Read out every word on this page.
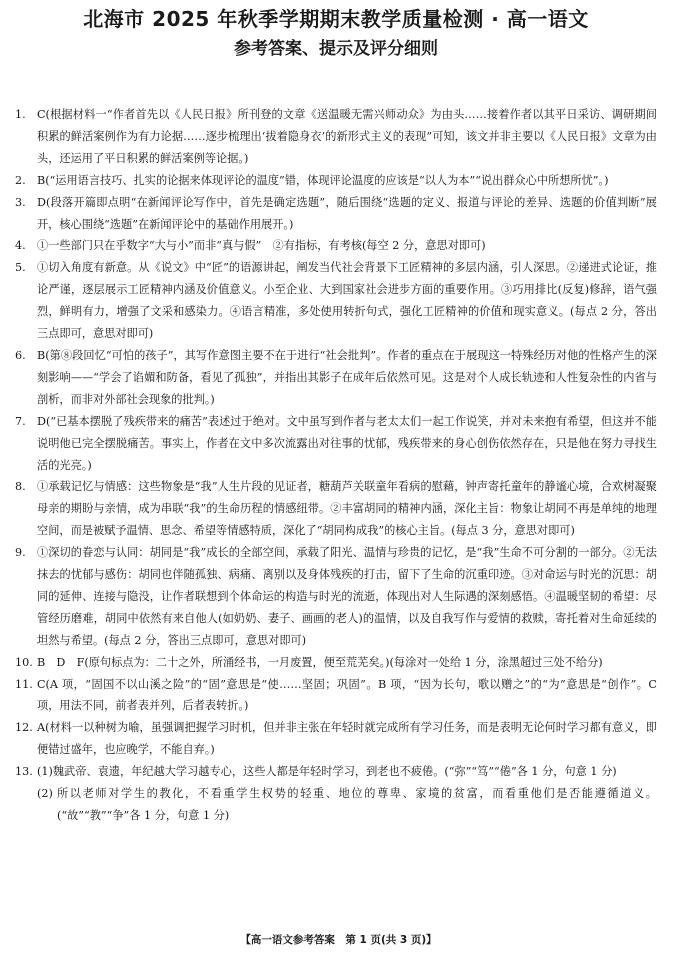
北海市 2025 年秋季学期期末教学质量检测 · 高一语文
参考答案、提示及评分细则
1.	C(根据材料一“作者首先以《人民日报》所刊登的文章《送温暖无需兴师动众》为由头……接着作者以其平日采访、调研期间积累的鲜活案例作为有力论据……逐步梳理出‘拔着隐身衣’的新形式主义的表现”可知，该文并非主要以《人民日报》文章为由头，还运用了平日积累的鲜活案例等论据。)
2.	B(“运用语言技巧、扎实的论据来体现评论的温度”错，体现评论温度的应该是“以人为本”“说出群众心中所想所忧”。)
3.	D(段落开篇即点明“在新闻评论写作中，首先是确定选题”，随后围绕“选题的定义、报道与评论的差异、选题的价值判断”展开，核心围绕“选题”在新闻评论中的基础作用展开。)
4.	①一些部门只在乎数字“大与小”而非“真与假”　②有指标，有考核(每空 2 分，意思对即可)
5.	①切入角度有新意。从《说文》中“匠”的语源讲起，阐发当代社会背景下工匠精神的多层内涵，引人深思。②递进式论证，推论严谨，逐层展示工匠精神内涵及价值意义。小至企业、大到国家社会进步方面的重要作用。③巧用排比(反复)修辞，语气强烈，鲜明有力，增强了文采和感染力。④语言精准，多处使用转折句式，强化工匠精神的价值和现实意义。(每点 2 分，答出三点即可，意思对即可)
6.	B(第⑧段回忆“可怕的孩子”，其写作意图主要不在于进行“社会批判”。作者的重点在于展现这一特殊经历对他的性格产生的深刻影响——“学会了谄媚和防备，看见了孤独”，并指出其影子在成年后依然可见。这是对个人成长轨迹和人性复杂性的内省与剖析，而非对外部社会现象的批判。)
7.	D(“已基本摆脱了残疾带来的痛苦”表述过于绝对。文中虽写到作者与老太太们一起工作说笑，并对未来抱有希望，但这并不能说明他已完全摆脱痛苦。事实上，作者在文中多次流露出对往事的忧郁，残疾带来的身心创伤依然存在，只是他在努力寻找生活的光亮。)
8.	①承载记忆与情感：这些物象是“我”人生片段的见证者，糖葫芦关联童年看病的慰藉，钟声寄托童年的静谧心境，合欢树凝聚母亲的期盼与亲情，成为串联“我”的生命历程的情感纽带。②丰富胡同的精神内涵，深化主旨：物象让胡同不再是单纯的地理空间，而是被赋予温情、思念、希望等情感特质，深化了“胡同构成我”的核心主旨。(每点 3 分，意思对即可)
9.	①深切的眷恋与认同：胡同是“我”成长的全部空间，承载了阳光、温情与珍贵的记忆，是“我”生命不可分割的一部分。②无法抹去的忧郁与感伤：胡同也伴随孤独、病痛、离别以及身体残疾的打击，留下了生命的沉重印迹。③对命运与时光的沉思：胡同的延伸、连接与隐没，让作者联想到个体命运的构造与时光的流逝，体现出对人生际遇的深刻感悟。④温暖坚韧的希望：尽管经历磨难，胡同中依然有来自他人(如奶奶、妻子、画画的老人)的温情，以及自我写作与爱情的救赎，寄托着对生命延续的坦然与希望。(每点 2 分，答出三点即可，意思对即可)
10. B　D　F(原句标点为：二十之外，所涌经书，一月废置，便至荒芜矣。)(每涂对一处给 1 分，涂黑超过三处不给分)
11. C(A 项，“固国不以山溪之险”的“固”意思是“使……坚固；巩固”。B 项，“因为长句，歌以赠之”的“为”意思是“创作”。C 项，用法不同，前者表并列，后者表转折。)
12. A(材料一以种树为喻，虽强调把握学习时机，但并非主张在年轻时就完成所有学习任务，而是表明无论何时学习都有意义，即便错过盛年，也应晚学，不能自弃。)
13. (1)魏武帝、袁遗，年纪越大学习越专心，这些人都是年轻时学习，到老也不疲倦。(“弥”“笃”“倦”各 1 分，句意 1 分)
(2) 所以老师对学生的教化，不看重学生权势的轻重、地位的尊卑、家境的贫富，而看重他们是否能遵循道义。(“故”“教”“争”各 1 分，句意 1 分)
【高一语文参考答案　第 1 页(共 3 页)】
